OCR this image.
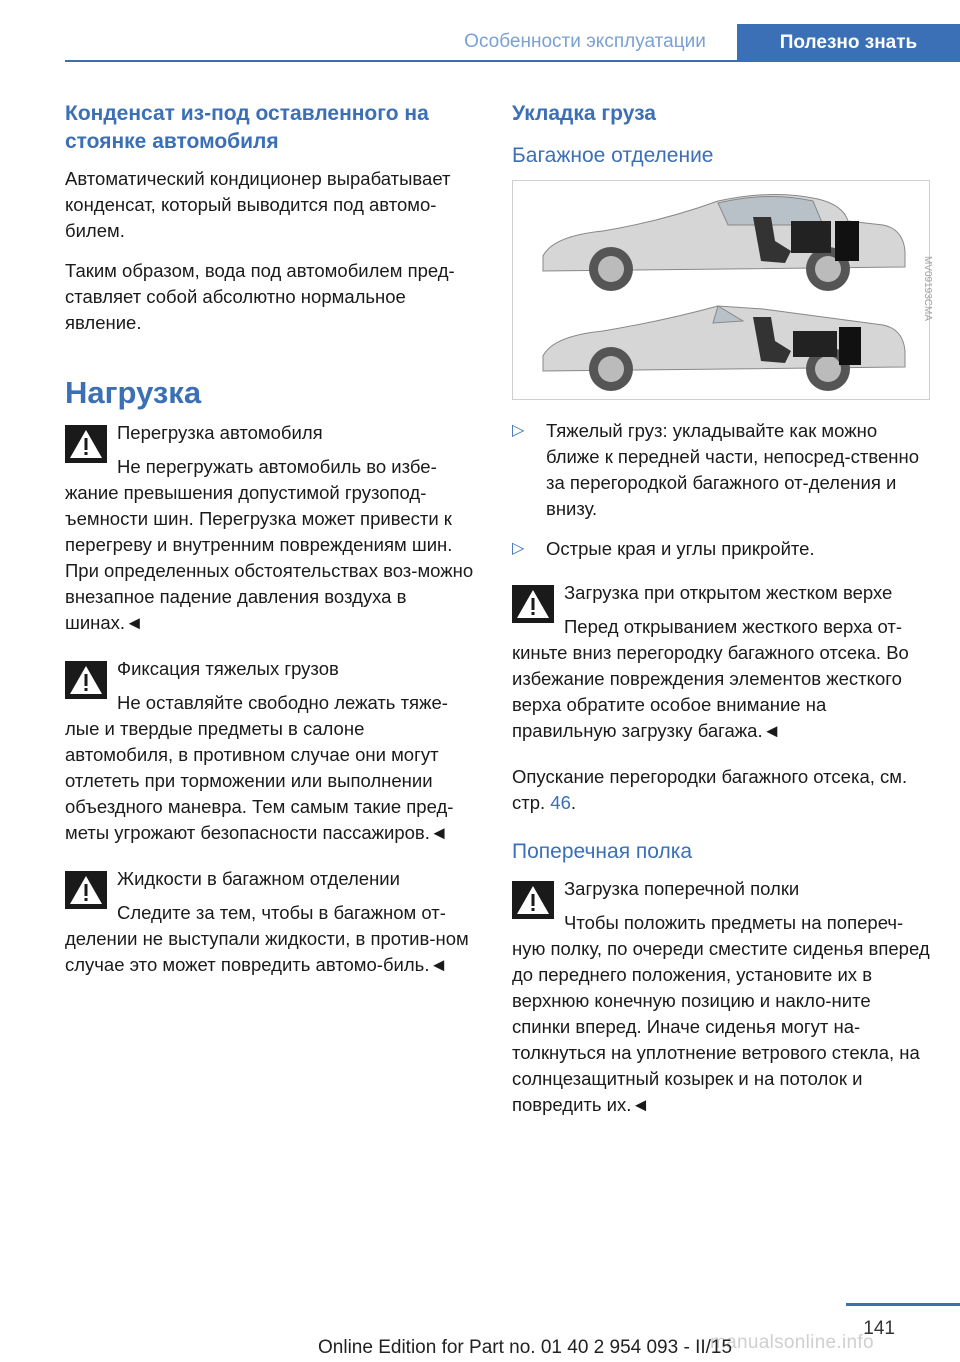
Особенности эксплуатации	Полезно знать
Конденсат из-под оставленного на стоянке автомобиля

Автоматический кондиционер вырабатывает конденсат, который выводится под автомо-билем.

Таким образом, вода под автомобилем пред-ставляет собой абсолютно нормальное явление.

Нагрузка
Перегрузка автомобиля
Не перегружать автомобиль во избе-жание превышения допустимой грузопод-ъемности шин. Перегрузка может привести к перегреву и внутренним повреждениям шин. При определенных обстоятельствах воз-можно внезапное падение давления воздуха в шинах.◄
Фиксация тяжелых грузов
Не оставляйте свободно лежать тяже-лые и твердые предметы в салоне автомобиля, в противном случае они могут отлететь при торможении или выполнении объездного маневра. Тем самым такие пред-меты угрожают безопасности пассажиров.◄
Жидкости в багажном отделении
Следите за тем, чтобы в багажном от-делении не выступали жидкости, в против-ном случае это может повредить автомо-биль.◄
Укладка груза
Багажное отделение
MV09193CMA
▷ Тяжелый груз: укладывайте как можно ближе к передней части, непосред-ственно за перегородкой багажного от-деления и внизу.
▷ Острые края и углы прикройте.
Загрузка при открытом жестком верхе
Перед открыванием жесткого верха от-киньте вниз перегородку багажного отсека. Во избежание повреждения элементов жесткого верха обратите особое внимание на правильную загрузку багажа.◄

Опускание перегородки багажного отсека, см. стр. 46.

Поперечная полка
Загрузка поперечной полки
Чтобы положить предметы на попереч-ную полку, по очереди сместите сиденья вперед до переднего положения, установите их в верхнюю конечную позицию и накло-ните спинки вперед. Иначе сиденья могут на-толкнуться на уплотнение ветрового стекла, на солнцезащитный козырек и на потолок и повредить их.◄
141
manualsonline.info
Online Edition for Part no. 01 40 2 954 093 - II/15
